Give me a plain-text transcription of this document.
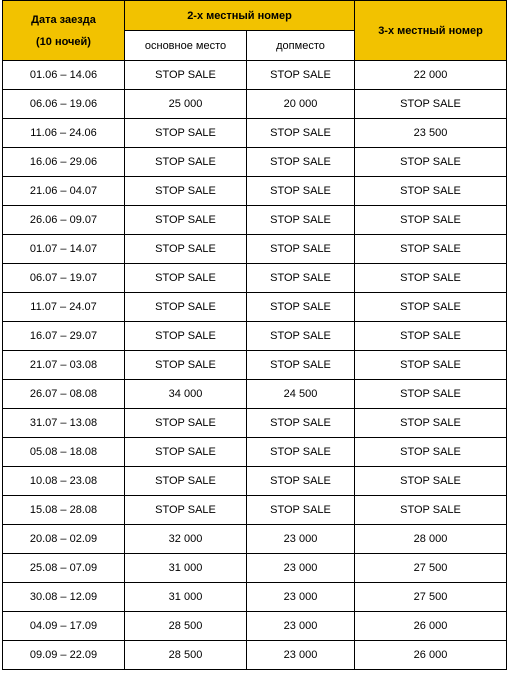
Дата заезда
(10 ночей)	2-х местный номер		3-х местный номер
	основное место	допместо	
01.06 – 14.06	STOP SALE	STOP SALE	22 000
06.06 – 19.06	25 000	20 000	STOP SALE
11.06 – 24.06	STOP SALE	STOP SALE	23 500
16.06 – 29.06	STOP SALE	STOP SALE	STOP SALE
21.06 – 04.07	STOP SALE	STOP SALE	STOP SALE
26.06 – 09.07	STOP SALE	STOP SALE	STOP SALE
01.07 – 14.07	STOP SALE	STOP SALE	STOP SALE
06.07 – 19.07	STOP SALE	STOP SALE	STOP SALE
11.07 – 24.07	STOP SALE	STOP SALE	STOP SALE
16.07 – 29.07	STOP SALE	STOP SALE	STOP SALE
21.07 – 03.08	STOP SALE	STOP SALE	STOP SALE
26.07 – 08.08	34 000	24 500	STOP SALE
31.07 – 13.08	STOP SALE	STOP SALE	STOP SALE
05.08 – 18.08	STOP SALE	STOP SALE	STOP SALE
10.08 – 23.08	STOP SALE	STOP SALE	STOP SALE
15.08 – 28.08	STOP SALE	STOP SALE	STOP SALE
20.08 – 02.09	32 000	23 000	28 000
25.08 – 07.09	31 000	23 000	27 500
30.08 – 12.09	31 000	23 000	27 500
04.09 – 17.09	28 500	23 000	26 000
09.09 – 22.09	28 500	23 000	26 000
